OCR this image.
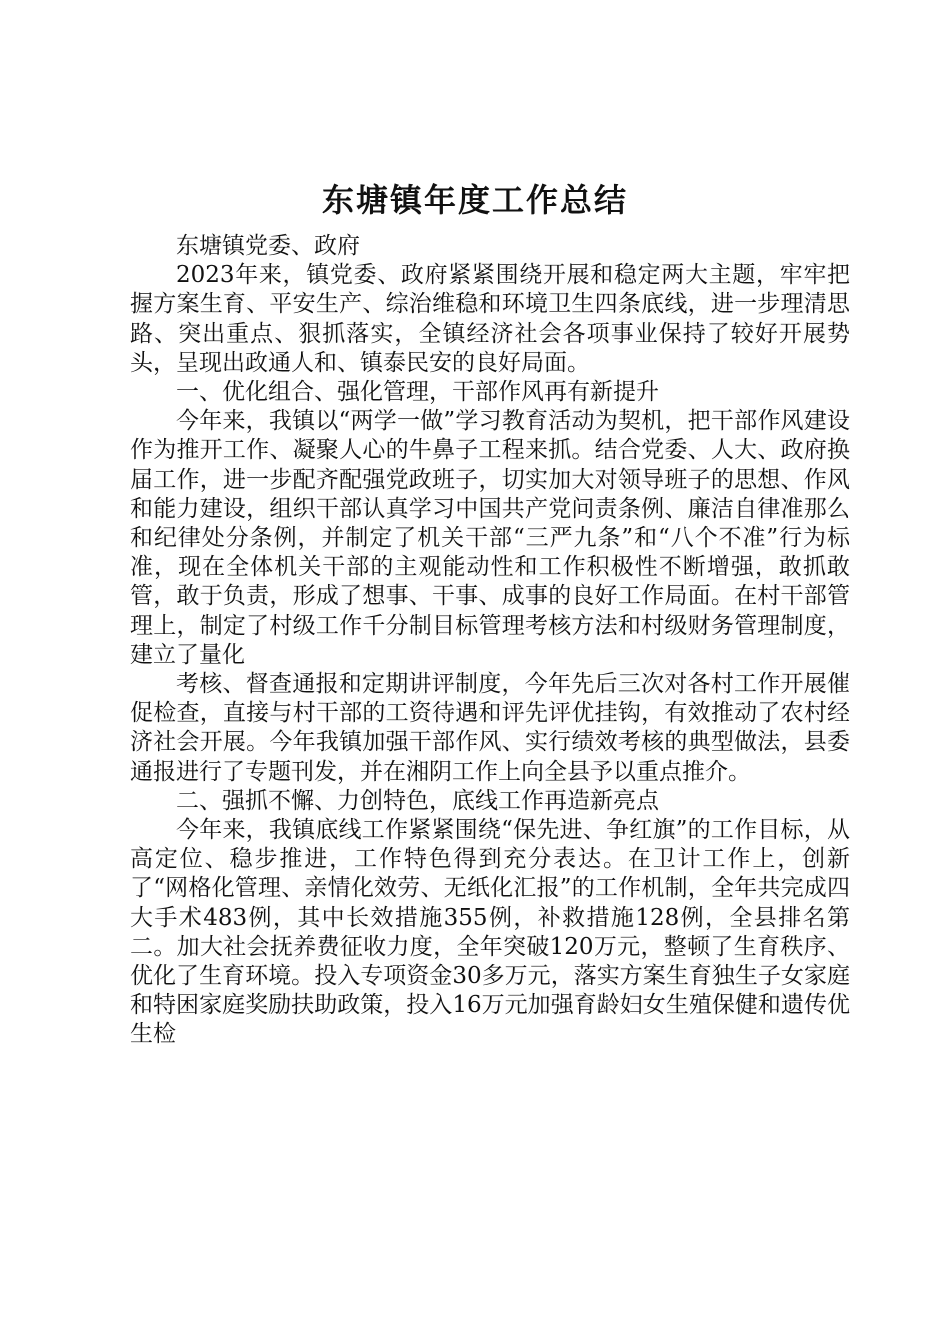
东塘镇年度工作总结

东塘镇党委、政府

2023年来，镇党委、政府紧紧围绕开展和稳定两大主题，牢牢把握方案生育、平安生产、综治维稳和环境卫生四条底线，进一步理清思路、突出重点、狠抓落实，全镇经济社会各项事业保持了较好开展势头，呈现出政通人和、镇泰民安的良好局面。

一、优化组合、强化管理，干部作风再有新提升

今年来，我镇以“两学一做”学习教育活动为契机，把干部作风建设作为推开工作、凝聚人心的牛鼻子工程来抓。结合党委、人大、政府换届工作，进一步配齐配强党政班子，切实加大对领导班子的思想、作风和能力建设，组织干部认真学习中国共产党问责条例、廉洁自律准那么和纪律处分条例，并制定了机关干部“三严九条”和“八个不准”行为标准，现在全体机关干部的主观能动性和工作积极性不断增强，敢抓敢管，敢于负责，形成了想事、干事、成事的良好工作局面。在村干部管理上，制定了村级工作千分制目标管理考核方法和村级财务管理制度，建立了量化

考核、督查通报和定期讲评制度，今年先后三次对各村工作开展催促检查，直接与村干部的工资待遇和评先评优挂钩，有效推动了农村经济社会开展。今年我镇加强干部作风、实行绩效考核的典型做法，县委通报进行了专题刊发，并在湘阴工作上向全县予以重点推介。

二、强抓不懈、力创特色，底线工作再造新亮点

今年来，我镇底线工作紧紧围绕“保先进、争红旗”的工作目标，从高定位、稳步推进，工作特色得到充分表达。在卫计工作上，创新了“网格化管理、亲情化效劳、无纸化汇报”的工作机制，全年共完成四大手术483例，其中长效措施355例，补救措施128例，全县排名第二。加大社会抚养费征收力度，全年突破120万元，整顿了生育秩序、优化了生育环境。投入专项资金30多万元，落实方案生育独生子女家庭和特困家庭奖励扶助政策，投入16万元加强育龄妇女生殖保健和遗传优生检
